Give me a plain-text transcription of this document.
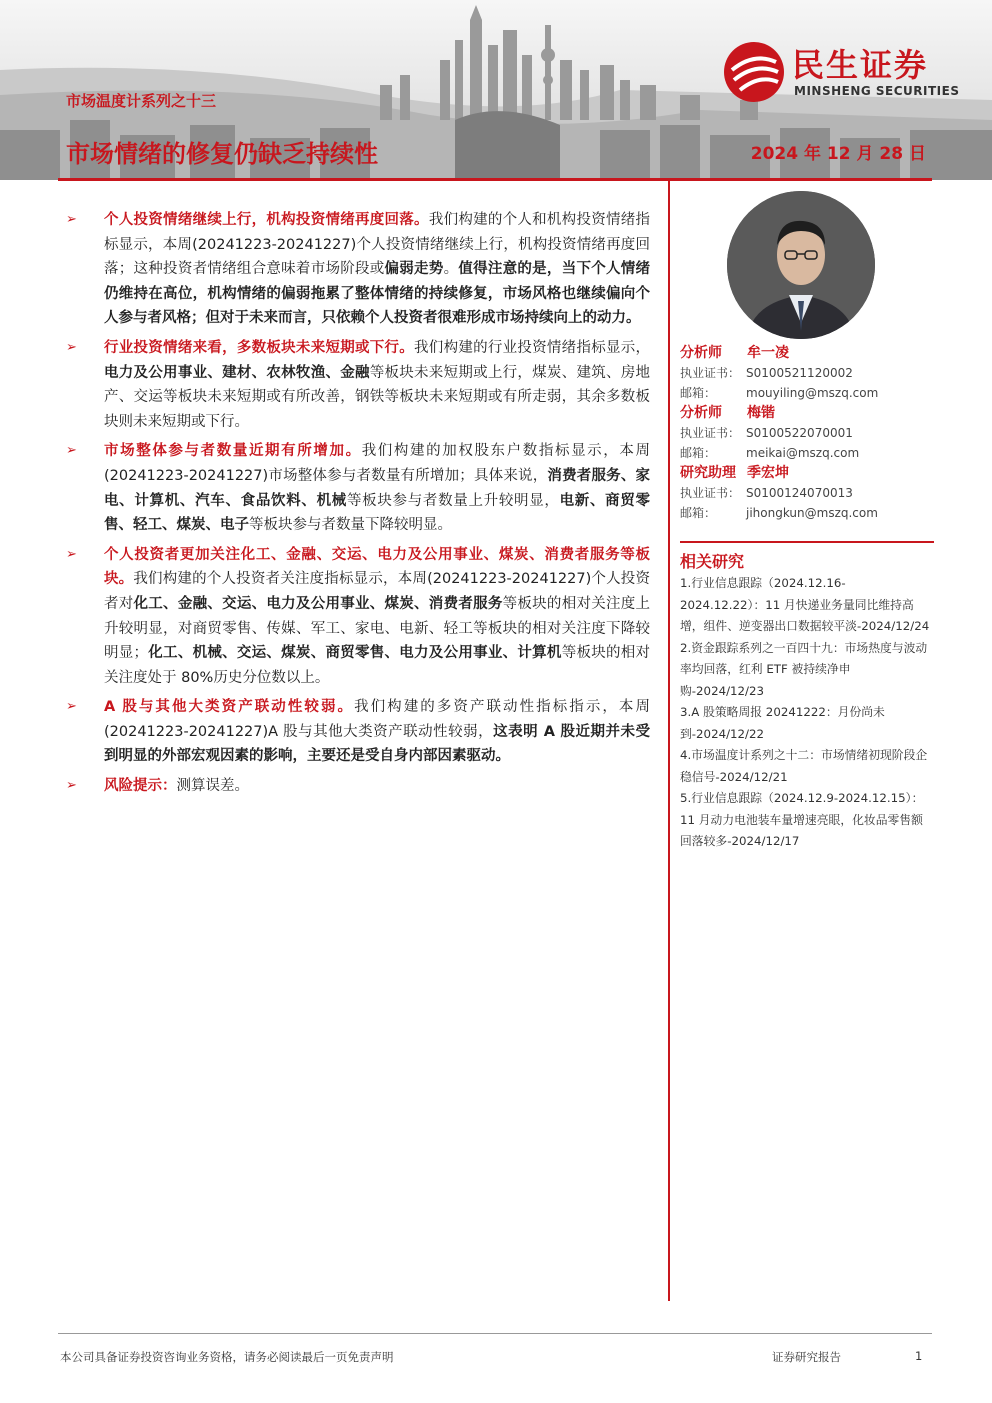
市场温度计系列之十三
市场情绪的修复仍缺乏持续性	2024 年 12 月 28 日
民生证券
MINSHENG SECURITIES
➢ 个人投资情绪继续上行，机构投资情绪再度回落。我们构建的个人和机构投资情绪指标显示，本周(20241223-20241227)个人投资情绪继续上行，机构投资情绪再度回落；这种投资者情绪组合意味着市场阶段或偏弱走势。值得注意的是，当下个人情绪仍维持在高位，机构情绪的偏弱拖累了整体情绪的持续修复，市场风格也继续偏向个人参与者风格；但对于未来而言，只依赖个人投资者很难形成市场持续向上的动力。
➢ 行业投资情绪来看，多数板块未来短期或下行。我们构建的行业投资情绪指标显示，电力及公用事业、建材、农林牧渔、金融等板块未来短期或上行，煤炭、建筑、房地产、交运等板块未来短期或有所改善，钢铁等板块未来短期或有所走弱，其余多数板块则未来短期或下行。
➢ 市场整体参与者数量近期有所增加。我们构建的加权股东户数指标显示，本周(20241223-20241227)市场整体参与者数量有所增加；具体来说，消费者服务、家电、计算机、汽车、食品饮料、机械等板块参与者数量上升较明显，电新、商贸零售、轻工、煤炭、电子等板块参与者数量下降较明显。
➢ 个人投资者更加关注化工、金融、交运、电力及公用事业、煤炭、消费者服务等板块。我们构建的个人投资者关注度指标显示，本周(20241223-20241227)个人投资者对化工、金融、交运、电力及公用事业、煤炭、消费者服务等板块的相对关注度上升较明显，对商贸零售、传媒、军工、家电、电新、轻工等板块的相对关注度下降较明显；化工、机械、交运、煤炭、商贸零售、电力及公用事业、计算机等板块的相对关注度处于 80%历史分位数以上。
➢ A 股与其他大类资产联动性较弱。我们构建的多资产联动性指标指示，本周(20241223-20241227)A 股与其他大类资产联动性较弱，这表明 A 股近期并未受到明显的外部宏观因素的影响，主要还是受自身内部因素驱动。
➢ 风险提示：测算误差。
分析师 牟一凌
执业证书： S0100521120002
邮箱： mouyiling@mszq.com
分析师 梅锴
执业证书： S0100522070001
邮箱： meikai@mszq.com
研究助理 季宏坤
执业证书： S0100124070013
邮箱： jihongkun@mszq.com
相关研究
1.行业信息跟踪（2024.12.16-2024.12.22）：11 月快递业务量同比维持高增，组件、逆变器出口数据较平淡-2024/12/24
2.资金跟踪系列之一百四十九：市场热度与波动率均回落，红利 ETF 被持续净申购-2024/12/23
3.A 股策略周报 20241222：月份尚未到-2024/12/22
4.市场温度计系列之十二：市场情绪初现阶段企稳信号-2024/12/21
5.行业信息跟踪（2024.12.9-2024.12.15）：11 月动力电池装车量增速亮眼，化妆品零售额回落较多-2024/12/17
本公司具备证券投资咨询业务资格，请务必阅读最后一页免责声明	证券研究报告	1
